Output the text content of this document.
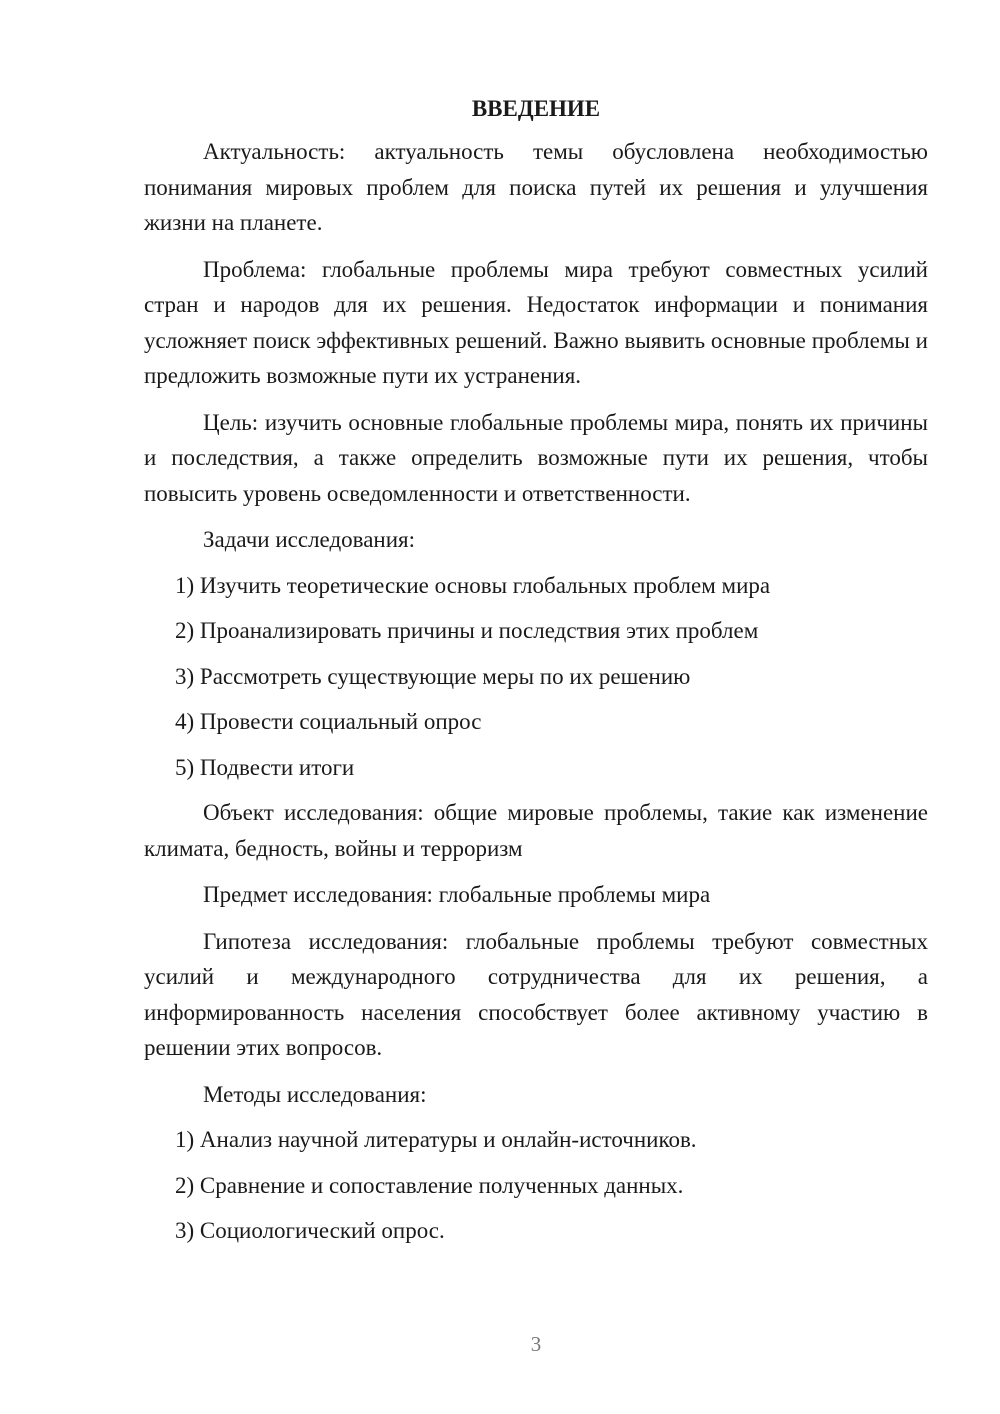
ВВЕДЕНИЕ

Актуальность: актуальность темы обусловлена необходимостью понимания мировых проблем для поиска путей их решения и улучшения жизни на планете.

Проблема: глобальные проблемы мира требуют совместных усилий стран и народов для их решения. Недостаток информации и понимания усложняет поиск эффективных решений. Важно выявить основные проблемы и предложить возможные пути их устранения.

Цель: изучить основные глобальные проблемы мира, понять их причины и последствия, а также определить возможные пути их решения, чтобы повысить уровень осведомленности и ответственности.

Задачи исследования:

1) Изучить теоретические основы глобальных проблем мира

2) Проанализировать причины и последствия этих проблем

3) Рассмотреть существующие меры по их решению

4) Провести социальный опрос

5) Подвести итоги

Объект исследования: общие мировые проблемы, такие как изменение климата, бедность, войны и терроризм

Предмет исследования: глобальные проблемы мира

Гипотеза исследования: глобальные проблемы требуют совместных усилий и международного сотрудничества для их решения, а информированность населения способствует более активному участию в решении этих вопросов.

Методы исследования:

1) Анализ научной литературы и онлайн-источников.

2) Сравнение и сопоставление полученных данных.

3) Социологический опрос.

3
